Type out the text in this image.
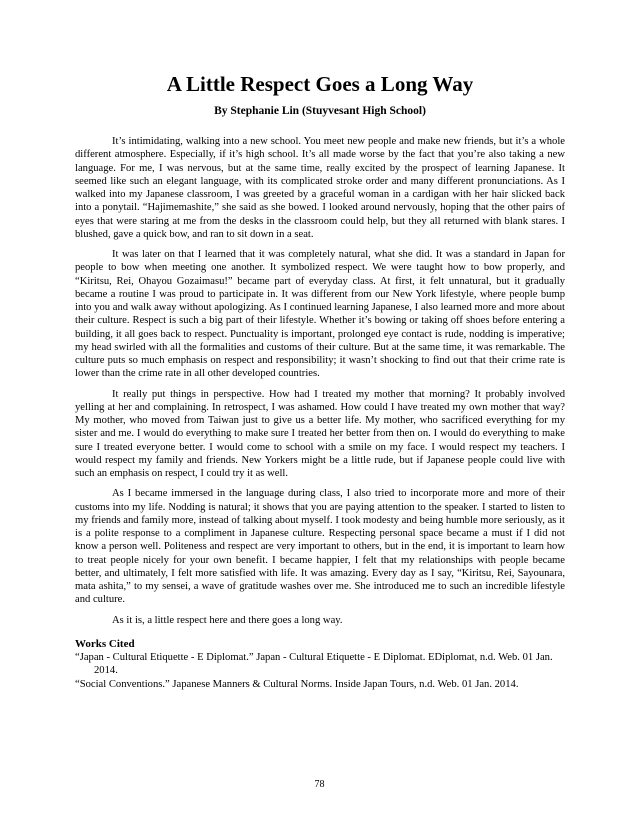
A Little Respect Goes a Long Way
By Stephanie Lin (Stuyvesant High School)

It’s intimidating, walking into a new school. You meet new people and make new friends, but it’s a whole different atmosphere. Especially, if it’s high school. It’s all made worse by the fact that you’re also taking a new language. For me, I was nervous, but at the same time, really excited by the prospect of learning Japanese. It seemed like such an elegant language, with its complicated stroke order and many different pronunciations. As I walked into my Japanese classroom, I was greeted by a graceful woman in a cardigan with her hair slicked back into a ponytail. “Hajimemashite,” she said as she bowed. I looked around nervously, hoping that the other pairs of eyes that were staring at me from the desks in the classroom could help, but they all returned with blank stares. I blushed, gave a quick bow, and ran to sit down in a seat.

It was later on that I learned that it was completely natural, what she did. It was a standard in Japan for people to bow when meeting one another. It symbolized respect. We were taught how to bow properly, and “Kiritsu, Rei, Ohayou Gozaimasu!” became part of everyday class. At first, it felt unnatural, but it gradually became a routine I was proud to participate in. It was different from our New York lifestyle, where people bump into you and walk away without apologizing. As I continued learning Japanese, I also learned more and more about their culture. Respect is such a big part of their lifestyle. Whether it’s bowing or taking off shoes before entering a building, it all goes back to respect. Punctuality is important, prolonged eye contact is rude, nodding is imperative; my head swirled with all the formalities and customs of their culture. But at the same time, it was remarkable. The culture puts so much emphasis on respect and responsibility; it wasn’t shocking to find out that their crime rate is lower than the crime rate in all other developed countries.

It really put things in perspective. How had I treated my mother that morning? It probably involved yelling at her and complaining. In retrospect, I was ashamed. How could I have treated my own mother that way? My mother, who moved from Taiwan just to give us a better life. My mother, who sacrificed everything for my sister and me. I would do everything to make sure I treated her better from then on. I would do everything to make sure I treated everyone better. I would come to school with a smile on my face. I would respect my teachers. I would respect my family and friends. New Yorkers might be a little rude, but if Japanese people could live with such an emphasis on respect, I could try it as well.

As I became immersed in the language during class, I also tried to incorporate more and more of their customs into my life. Nodding is natural; it shows that you are paying attention to the speaker. I started to listen to my friends and family more, instead of talking about myself. I took modesty and being humble more seriously, as it is a polite response to a compliment in Japanese culture. Respecting personal space became a must if I did not know a person well. Politeness and respect are very important to others, but in the end, it is important to learn how to treat people nicely for your own benefit. I became happier, I felt that my relationships with people became better, and ultimately, I felt more satisfied with life. It was amazing. Every day as I say, “Kiritsu, Rei, Sayounara, mata ashita,” to my sensei, a wave of gratitude washes over me. She introduced me to such an incredible lifestyle and culture.

As it is, a little respect here and there goes a long way.

Works Cited

“Japan - Cultural Etiquette - E Diplomat.” Japan - Cultural Etiquette - E Diplomat. EDiplomat, n.d. Web. 01 Jan. 2014.
“Social Conventions.” Japanese Manners & Cultural Norms. Inside Japan Tours, n.d. Web. 01 Jan. 2014.
78
